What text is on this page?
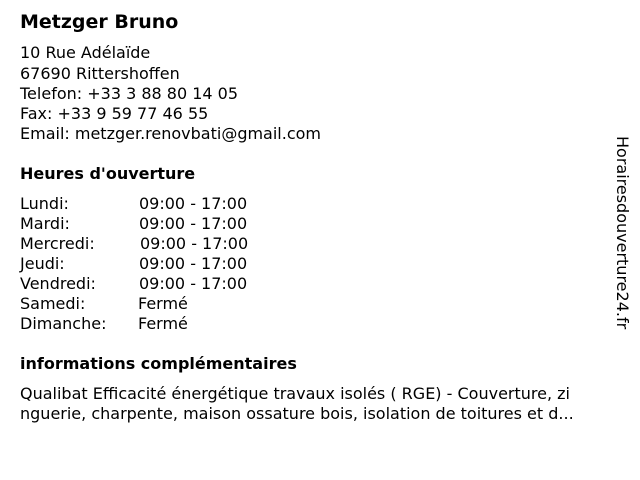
Metzger Bruno
10 Rue Adélaïde
67690 Rittershoffen
Telefon: +33 3 88 80 14 05
Fax: +33 9 59 77 46 55
Email: metzger.renovbati@gmail.com
Heures d'ouverture
Lundi:	09:00 - 17:00
Mardi:	09:00 - 17:00
Mercredi:	09:00 - 17:00
Jeudi:	09:00 - 17:00
Vendredi:	09:00 - 17:00
Samedi:	Fermé
Dimanche: Fermé
informations complémentaires
Qualibat Efficacité énergétique travaux isolés ( RGE) - Couverture, zi
nguerie, charpente, maison ossature bois, isolation de toitures et d...
Horairesdouverture24.fr
